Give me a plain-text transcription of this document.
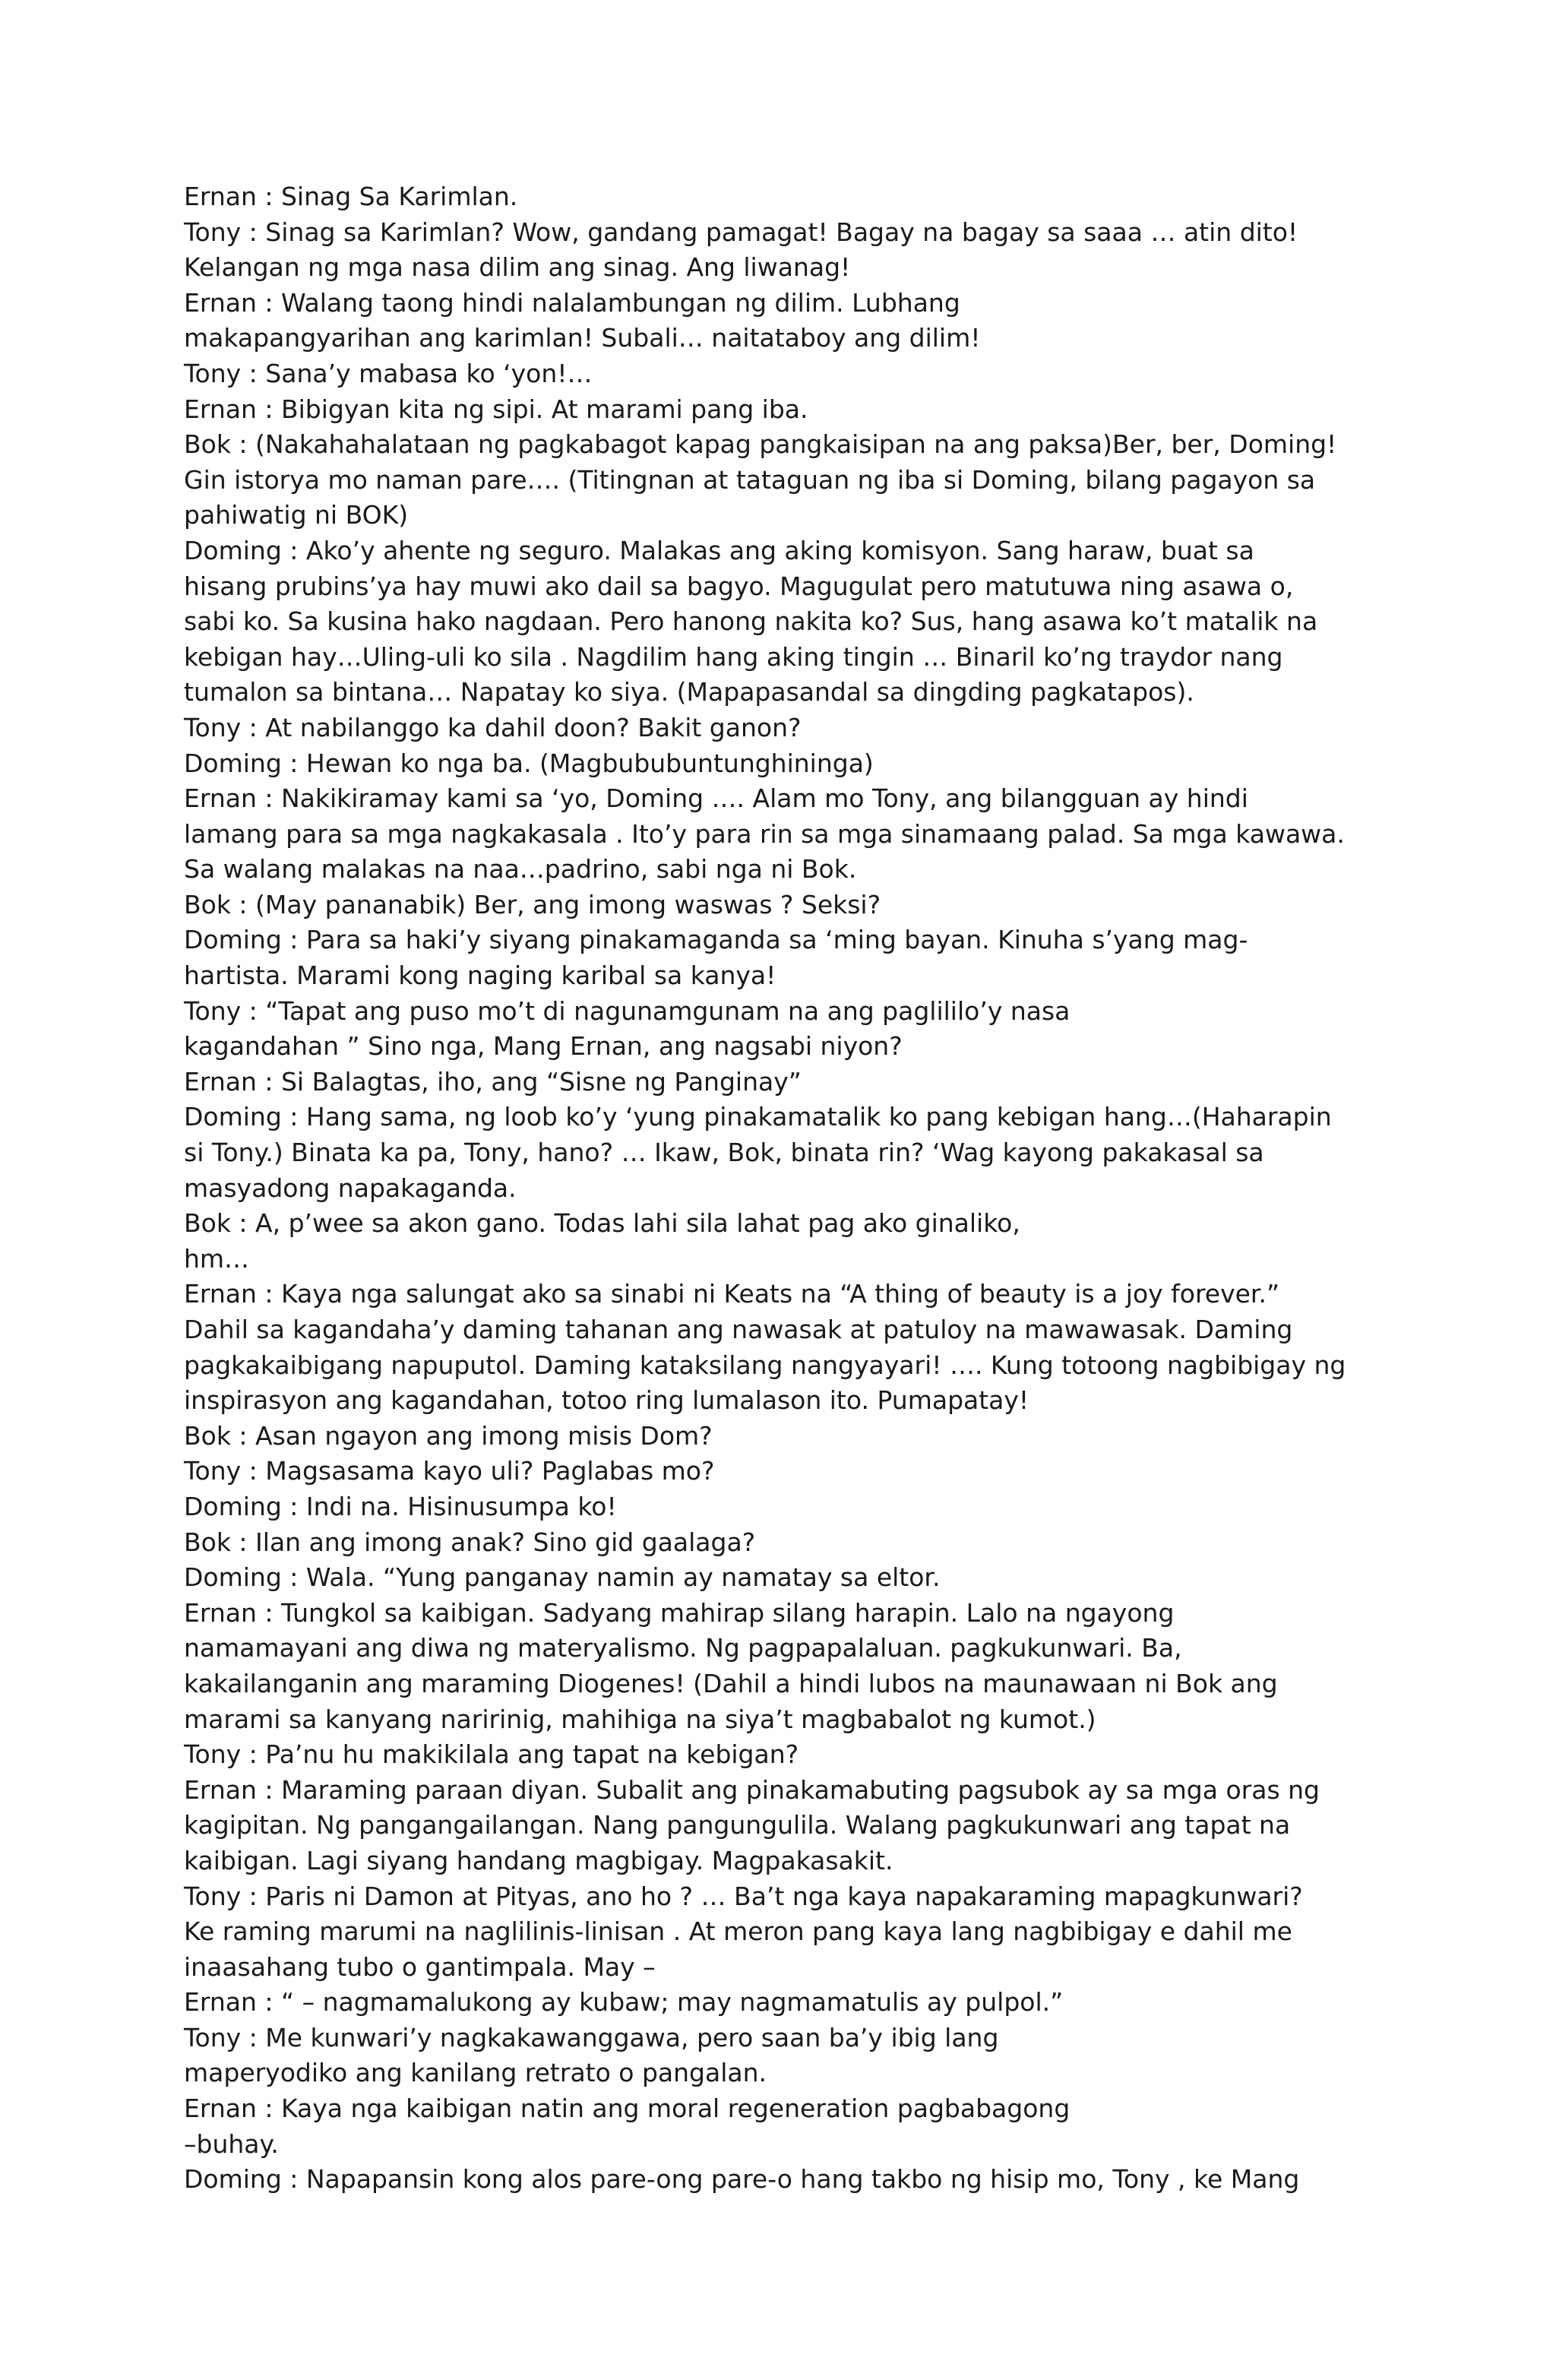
Ernan : Sinag Sa Karimlan.
Tony : Sinag sa Karimlan? Wow, gandang pamagat! Bagay na bagay sa saaa … atin dito!
Kelangan ng mga nasa dilim ang sinag. Ang liwanag!
Ernan : Walang taong hindi nalalambungan ng dilim. Lubhang
makapangyarihan ang karimlan! Subali… naitataboy ang dilim!
Tony : Sana’y mabasa ko ‘yon!…
Ernan : Bibigyan kita ng sipi. At marami pang iba.
Bok : (Nakahahalataan ng pagkabagot kapag pangkaisipan na ang paksa)Ber, ber, Doming!
Gin istorya mo naman pare…. (Titingnan at tataguan ng iba si Doming, bilang pagayon sa
pahiwatig ni BOK)
Doming : Ako’y ahente ng seguro. Malakas ang aking komisyon. Sang haraw, buat sa
hisang prubins’ya hay muwi ako dail sa bagyo. Magugulat pero matutuwa ning asawa o,
sabi ko. Sa kusina hako nagdaan. Pero hanong nakita ko? Sus, hang asawa ko’t matalik na
kebigan hay…Uling-uli ko sila . Nagdilim hang aking tingin … Binaril ko’ng traydor nang
tumalon sa bintana… Napatay ko siya. (Mapapasandal sa dingding pagkatapos).
Tony : At nabilanggo ka dahil doon? Bakit ganon?
Doming : Hewan ko nga ba. (Magbububuntunghininga)
Ernan : Nakikiramay kami sa ‘yo, Doming …. Alam mo Tony, ang bilangguan ay hindi
lamang para sa mga nagkakasala . Ito’y para rin sa mga sinamaang palad. Sa mga kawawa.
Sa walang malakas na naa…padrino, sabi nga ni Bok.
Bok : (May pananabik) Ber, ang imong waswas ? Seksi?
Doming : Para sa haki’y siyang pinakamaganda sa ‘ming bayan. Kinuha s’yang mag-
hartista. Marami kong naging karibal sa kanya!
Tony : “Tapat ang puso mo’t di nagunamgunam na ang paglililo’y nasa
kagandahan ” Sino nga, Mang Ernan, ang nagsabi niyon?
Ernan : Si Balagtas, iho, ang “Sisne ng Panginay”
Doming : Hang sama, ng loob ko’y ‘yung pinakamatalik ko pang kebigan hang…(Haharapin
si Tony.) Binata ka pa, Tony, hano? … Ikaw, Bok, binata rin? ‘Wag kayong pakakasal sa
masyadong napakaganda.
Bok : A, p’wee sa akon gano. Todas lahi sila lahat pag ako ginaliko,
hm…
Ernan : Kaya nga salungat ako sa sinabi ni Keats na “A thing of beauty is a joy forever.”
Dahil sa kagandaha’y daming tahanan ang nawasak at patuloy na mawawasak. Daming
pagkakaibigang napuputol. Daming kataksilang nangyayari! …. Kung totoong nagbibigay ng
inspirasyon ang kagandahan, totoo ring lumalason ito. Pumapatay!
Bok : Asan ngayon ang imong misis Dom?
Tony : Magsasama kayo uli? Paglabas mo?
Doming : Indi na. Hisinusumpa ko!
Bok : Ilan ang imong anak? Sino gid gaalaga?
Doming : Wala. “Yung panganay namin ay namatay sa eltor.
Ernan : Tungkol sa kaibigan. Sadyang mahirap silang harapin. Lalo na ngayong
namamayani ang diwa ng materyalismo. Ng pagpapalaluan. pagkukunwari. Ba,
kakailanganin ang maraming Diogenes! (Dahil a hindi lubos na maunawaan ni Bok ang
marami sa kanyang naririnig, mahihiga na siya’t magbabalot ng kumot.)
Tony : Pa’nu hu makikilala ang tapat na kebigan?
Ernan : Maraming paraan diyan. Subalit ang pinakamabuting pagsubok ay sa mga oras ng
kagipitan. Ng pangangailangan. Nang pangungulila. Walang pagkukunwari ang tapat na
kaibigan. Lagi siyang handang magbigay. Magpakasakit.
Tony : Paris ni Damon at Pityas, ano ho ? … Ba’t nga kaya napakaraming mapagkunwari?
Ke raming marumi na naglilinis-linisan . At meron pang kaya lang nagbibigay e dahil me
inaasahang tubo o gantimpala. May –
Ernan : “ – nagmamalukong ay kubaw; may nagmamatulis ay pulpol.”
Tony : Me kunwari’y nagkakawanggawa, pero saan ba’y ibig lang
maperyodiko ang kanilang retrato o pangalan.
Ernan : Kaya nga kaibigan natin ang moral regeneration pagbabagong
–buhay.
Doming : Napapansin kong alos pare-ong pare-o hang takbo ng hisip mo, Tony , ke Mang
